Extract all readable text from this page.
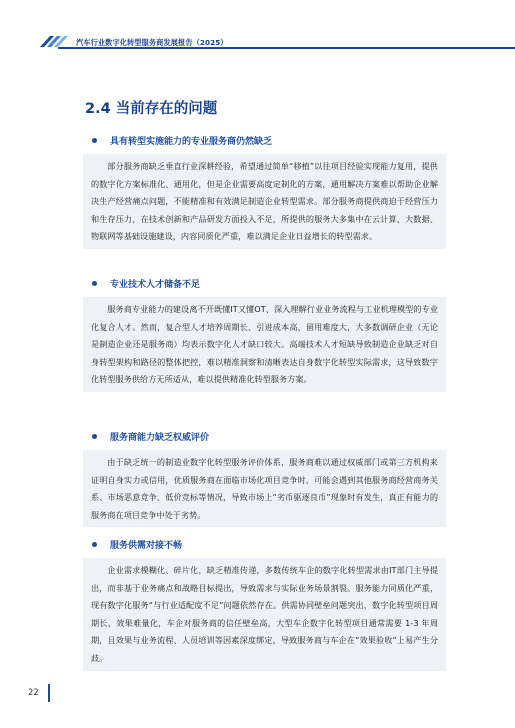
汽车行业数字化转型服务商发展报告（2025）
2.4 当前存在的问题
具有转型实施能力的专业服务商仍然缺乏

部分服务商缺乏垂直行业深耕经验，希望通过简单“移植”以往项目经验实现能力复用，提供的数字化方案标准化、通用化，但是企业需要高度定制化的方案，通用解决方案难以帮助企业解决生产经营痛点问题，不能精准和有效满足制造企业转型需求。部分服务商提供商迫于经营压力和生存压力，在技术创新和产品研发方面投入不足，所提供的服务大多集中在云计算、大数据、物联网等基础设施建设，内容同质化严重，难以满足企业日益增长的转型需求。

专业技术人才储备不足

服务商专业能力的建设离不开既懂IT又懂OT、深入理解行业业务流程与工业机理模型的专业化复合人才。然而，复合型人才培养周期长、引进成本高、留用难度大，大多数调研企业（无论是制造企业还是服务商）均表示数字化人才缺口较大。高端技术人才短缺导致制造企业缺乏对自身转型架构和路径的整体把控，难以精准洞察和清晰表达自身数字化转型实际需求，这导致数字化转型服务供给方无所适从，难以提供精准化转型服务方案。

服务商能力缺乏权威评价

由于缺乏统一的制造业数字化转型服务评价体系，服务商难以通过权威部门或第三方机构来证明自身实力或信用，优质服务商在面临市场化项目竞争时，可能会遇到其他服务商经营商务关系、市场恶意竞争、低价竞标等情况，导致市场上“劣币驱逐良币”现象时有发生，真正有能力的服务商在项目竞争中处于劣势。

服务供需对接不畅

企业需求模糊化、碎片化，缺乏精准传递，多数传统车企的数字化转型需求由IT部门主导提出，而非基于业务痛点和战略目标提出，导致需求与实际业务场景割裂。服务能力同质化严重，现有数字化服务“与行业适配度不足”问题依然存在。供需协同壁垒问题突出，数字化转型项目周期长，效果难量化，车企对服务商的信任壁垒高，大型车企数字化转型项目通常需要 1-3 年周期，且效果与业务流程、人员培训等因素深度绑定，导致服务商与车企在“效果验收”上易产生分歧。

22
